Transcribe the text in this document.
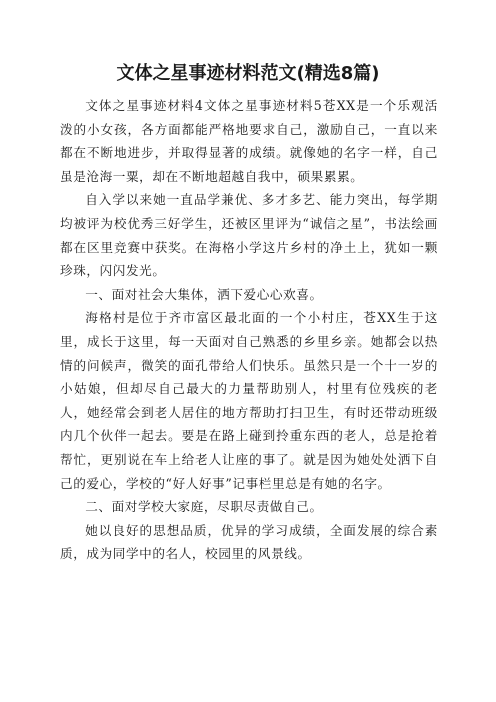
文体之星事迹材料范文(精选8篇)

文体之星事迹材料4文体之星事迹材料5苍XX是一个乐观活泼的小女孩，各方面都能严格地要求自己，激励自己，一直以来都在不断地进步，并取得显著的成绩。就像她的名字一样，自己虽是沧海一粟，却在不断地超越自我中，硕果累累。

自入学以来她一直品学兼优、多才多艺、能力突出，每学期均被评为校优秀三好学生，还被区里评为“诚信之星”，书法绘画都在区里竞赛中获奖。在海格小学这片乡村的净土上，犹如一颗珍珠，闪闪发光。

一、面对社会大集体，洒下爱心心欢喜。

海格村是位于齐市富区最北面的一个小村庄，苍XX生于这里，成长于这里，每一天面对自己熟悉的乡里乡亲。她都会以热情的问候声，微笑的面孔带给人们快乐。虽然只是一个十一岁的小姑娘，但却尽自己最大的力量帮助别人，村里有位残疾的老人，她经常会到老人居住的地方帮助打扫卫生，有时还带动班级内几个伙伴一起去。要是在路上碰到拎重东西的老人，总是抢着帮忙，更别说在车上给老人让座的事了。就是因为她处处洒下自己的爱心，学校的“好人好事”记事栏里总是有她的名字。

二、面对学校大家庭，尽职尽责做自己。

她以良好的思想品质，优异的学习成绩，全面发展的综合素质，成为同学中的名人，校园里的风景线。
